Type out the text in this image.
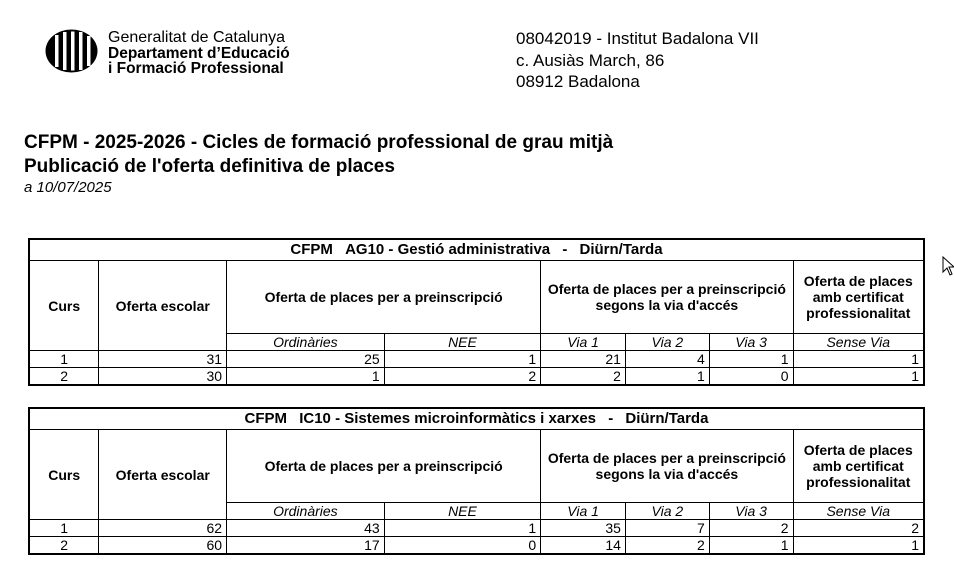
Generalitat de Catalunya
Departament d’Educació
i Formació Professional
08042019 - Institut Badalona VII
c. Ausiàs March, 86
08912 Badalona
CFPM - 2025-2026 - Cicles de formació professional de grau mitjà
Publicació de l'oferta definitiva de places
a 10/07/2025
CFPM AG10 - Gestió administrativa - Diürn/Tarda							
Curs	Oferta escolar	Oferta de places per a preinscripció		Oferta de places per a preinscripció segons la via d'accés			Oferta de places amb certificat professionalitat
		Ordinàries	NEE	Via 1	Via 2	Via 3	Sense Via
1	31	25	1	21	4	1	1
2	30	1	2	2	1	0	1
CFPM IC10 - Sistemes microinformàtics i xarxes - Diürn/Tarda							
Curs	Oferta escolar	Oferta de places per a preinscripció		Oferta de places per a preinscripció segons la via d'accés			Oferta de places amb certificat professionalitat
		Ordinàries	NEE	Via 1	Via 2	Via 3	Sense Via
1	62	43	1	35	7	2	2
2	60	17	0	14	2	1	1
